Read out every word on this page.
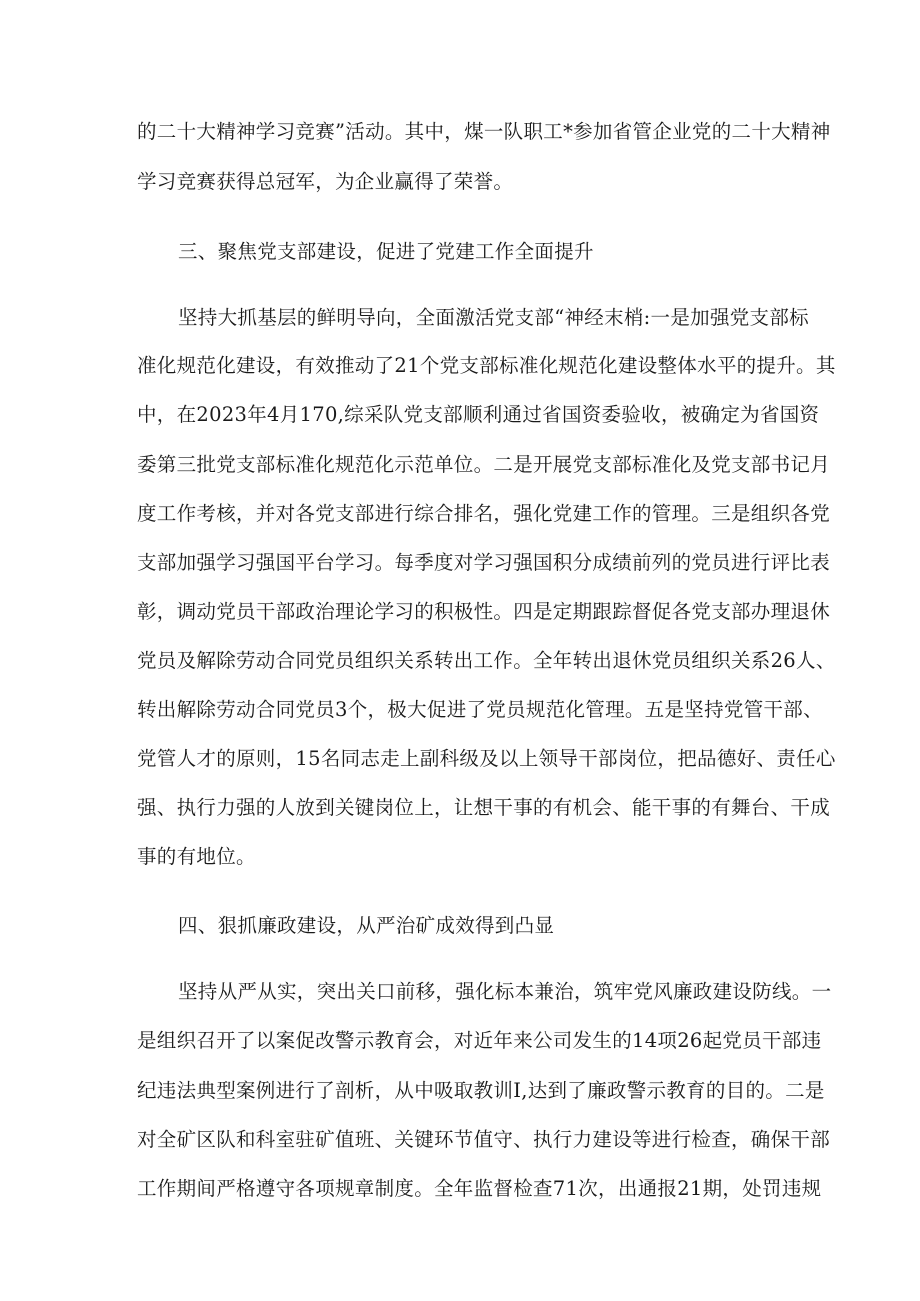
的二十大精神学习竞赛”活动。其中，煤一队职工*参加省管企业党的二十大精神
学习竞赛获得总冠军，为企业赢得了荣誉。
三、聚焦党支部建设，促进了党建工作全面提升
坚持大抓基层的鲜明导向，全面激活党支部“神经末梢:一是加强党支部标
准化规范化建设，有效推动了21个党支部标准化规范化建设整体水平的提升。其
中，在2023年4月170,综采队党支部顺利通过省国资委验收，被确定为省国资
委第三批党支部标准化规范化示范单位。二是开展党支部标准化及党支部书记月
度工作考核，并对各党支部进行综合排名，强化党建工作的管理。三是组织各党
支部加强学习强国平台学习。每季度对学习强国积分成绩前列的党员进行评比表
彰，调动党员干部政治理论学习的积极性。四是定期跟踪督促各党支部办理退休
党员及解除劳动合同党员组织关系转出工作。全年转出退休党员组织关系26人、
转出解除劳动合同党员3个，极大促进了党员规范化管理。五是坚持党管干部、
党管人才的原则，15名同志走上副科级及以上领导干部岗位，把品德好、责任心
强、执行力强的人放到关键岗位上，让想干事的有机会、能干事的有舞台、干成
事的有地位。
四、狠抓廉政建设，从严治矿成效得到凸显
坚持从严从实，突出关口前移，强化标本兼治，筑牢党风廉政建设防线。一
是组织召开了以案促改警示教育会，对近年来公司发生的14项26起党员干部违
纪违法典型案例进行了剖析，从中吸取教训I,达到了廉政警示教育的目的。二是
对全矿区队和科室驻矿值班、关键环节值守、执行力建设等进行检查，确保干部
工作期间严格遵守各项规章制度。全年监督检查71次，出通报21期，处罚违规
